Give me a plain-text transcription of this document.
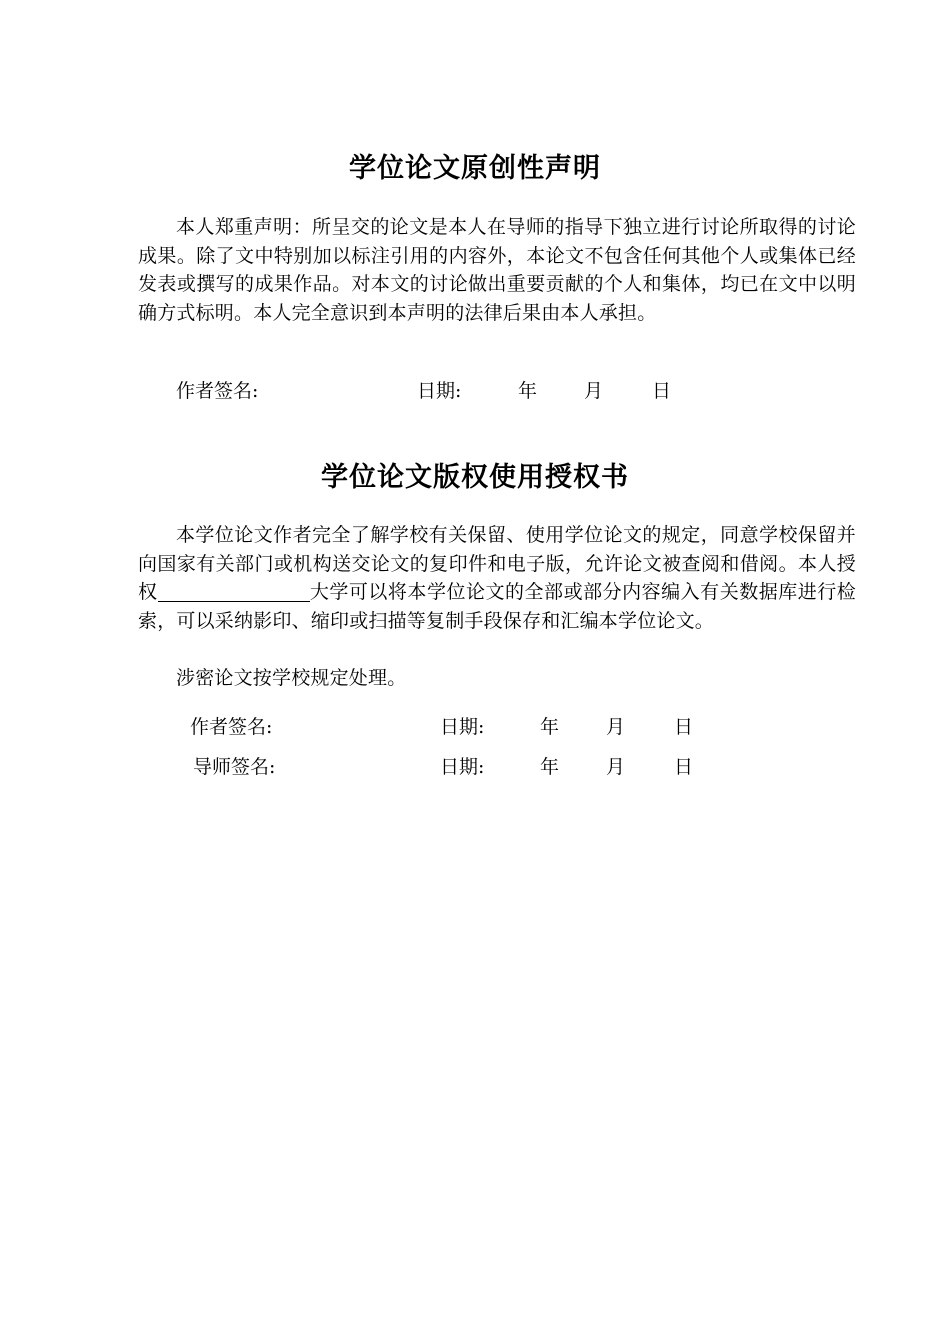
学位论文原创性声明

本人郑重声明：所呈交的论文是本人在导师的指导下独立进行讨论所取得的讨论成果。除了文中特别加以标注引用的内容外，本论文不包含任何其他个人或集体已经发表或撰写的成果作品。对本文的讨论做出重要贡献的个人和集体，均已在文中以明确方式标明。本人完全意识到本声明的法律后果由本人承担。

作者签名:	日期:	年 月	日
学位论文版权使用授权书

本学位论文作者完全了解学校有关保留、使用学位论文的规定，同意学校保留并向国家有关部门或机构送交论文的复印件和电子版，允许论文被查阅和借阅。本人授权	大学可以将本学位论文的全部或部分内容编入有关数据库进行检索，可以采纳影印、缩印或扫描等复制手段保存和汇编本学位论文。

涉密论文按学校规定处理。

作者签名:	日期:	年 月	日
导师签名:	日期:	年 月	日
